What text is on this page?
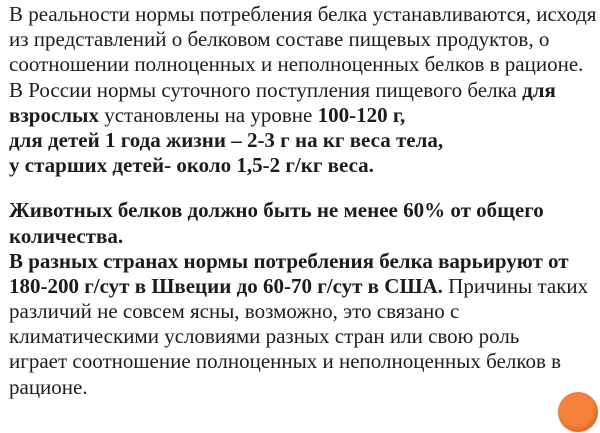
В реальности нормы потребления белка устанавливаются, исходя
из представлений о белковом составе пищевых продуктов, о
соотношении полноценных и неполноценных белков в рационе.
В России нормы суточного поступления пищевого белка для
взрослых установлены на уровне 100-120 г,
для детей 1 года жизни – 2-3 г на кг веса тела,
у старших детей- около 1,5-2 г/кг веса.
Животных белков должно быть не менее 60% от общего
количества.
В разных странах нормы потребления белка варьируют от
180-200 г/сут в Швеции до 60-70 г/сут в США. Причины таких
различий не совсем ясны, возможно, это связано с
климатическими условиями разных стран или свою роль
играет соотношение полноценных и неполноценных белков в
рационе.
